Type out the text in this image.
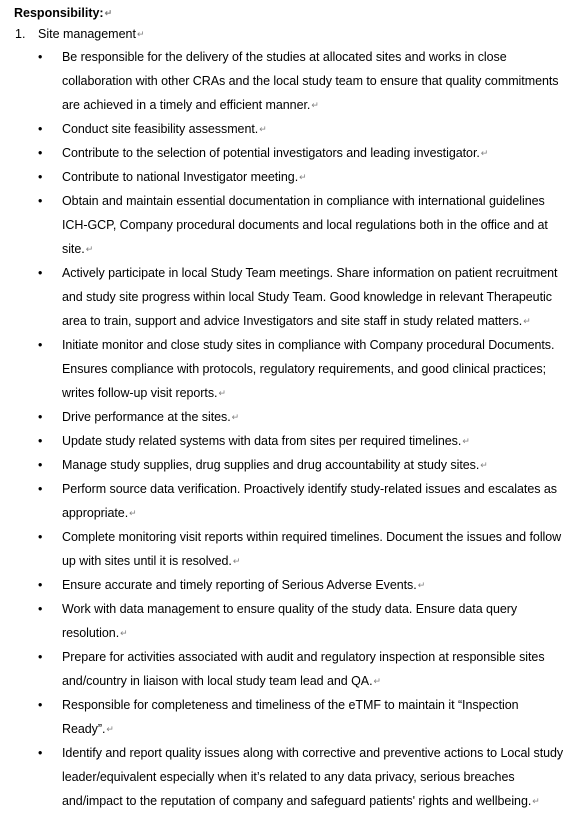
Responsibility:↵
1. Site management↵
• Be responsible for the delivery of the studies at allocated sites and works in close collaboration with other CRAs and the local study team to ensure that quality commitments are achieved in a timely and efficient manner.↵
• Conduct site feasibility assessment.↵
• Contribute to the selection of potential investigators and leading investigator.↵
• Contribute to national Investigator meeting.↵
• Obtain and maintain essential documentation in compliance with international guidelines ICH-GCP, Company procedural documents and local regulations both in the office and at site.↵
• Actively participate in local Study Team meetings. Share information on patient recruitment and study site progress within local Study Team. Good knowledge in relevant Therapeutic area to train, support and advice Investigators and site staff in study related matters.↵
• Initiate monitor and close study sites in compliance with Company procedural Documents. Ensures compliance with protocols, regulatory requirements, and good clinical practices; writes follow-up visit reports.↵
• Drive performance at the sites.↵
• Update study related systems with data from sites per required timelines.↵
• Manage study supplies, drug supplies and drug accountability at study sites.↵
• Perform source data verification. Proactively identify study-related issues and escalates as appropriate.↵
• Complete monitoring visit reports within required timelines. Document the issues and follow up with sites until it is resolved.↵
• Ensure accurate and timely reporting of Serious Adverse Events.↵
• Work with data management to ensure quality of the study data. Ensure data query resolution.↵
• Prepare for activities associated with audit and regulatory inspection at responsible sites and/country in liaison with local study team lead and QA.↵
• Responsible for completeness and timeliness of the eTMF to maintain it “Inspection Ready”.↵
• Identify and report quality issues along with corrective and preventive actions to Local study leader/equivalent especially when it’s related to any data privacy, serious breaches and/impact to the reputation of company and safeguard patients' rights and wellbeing.↵
